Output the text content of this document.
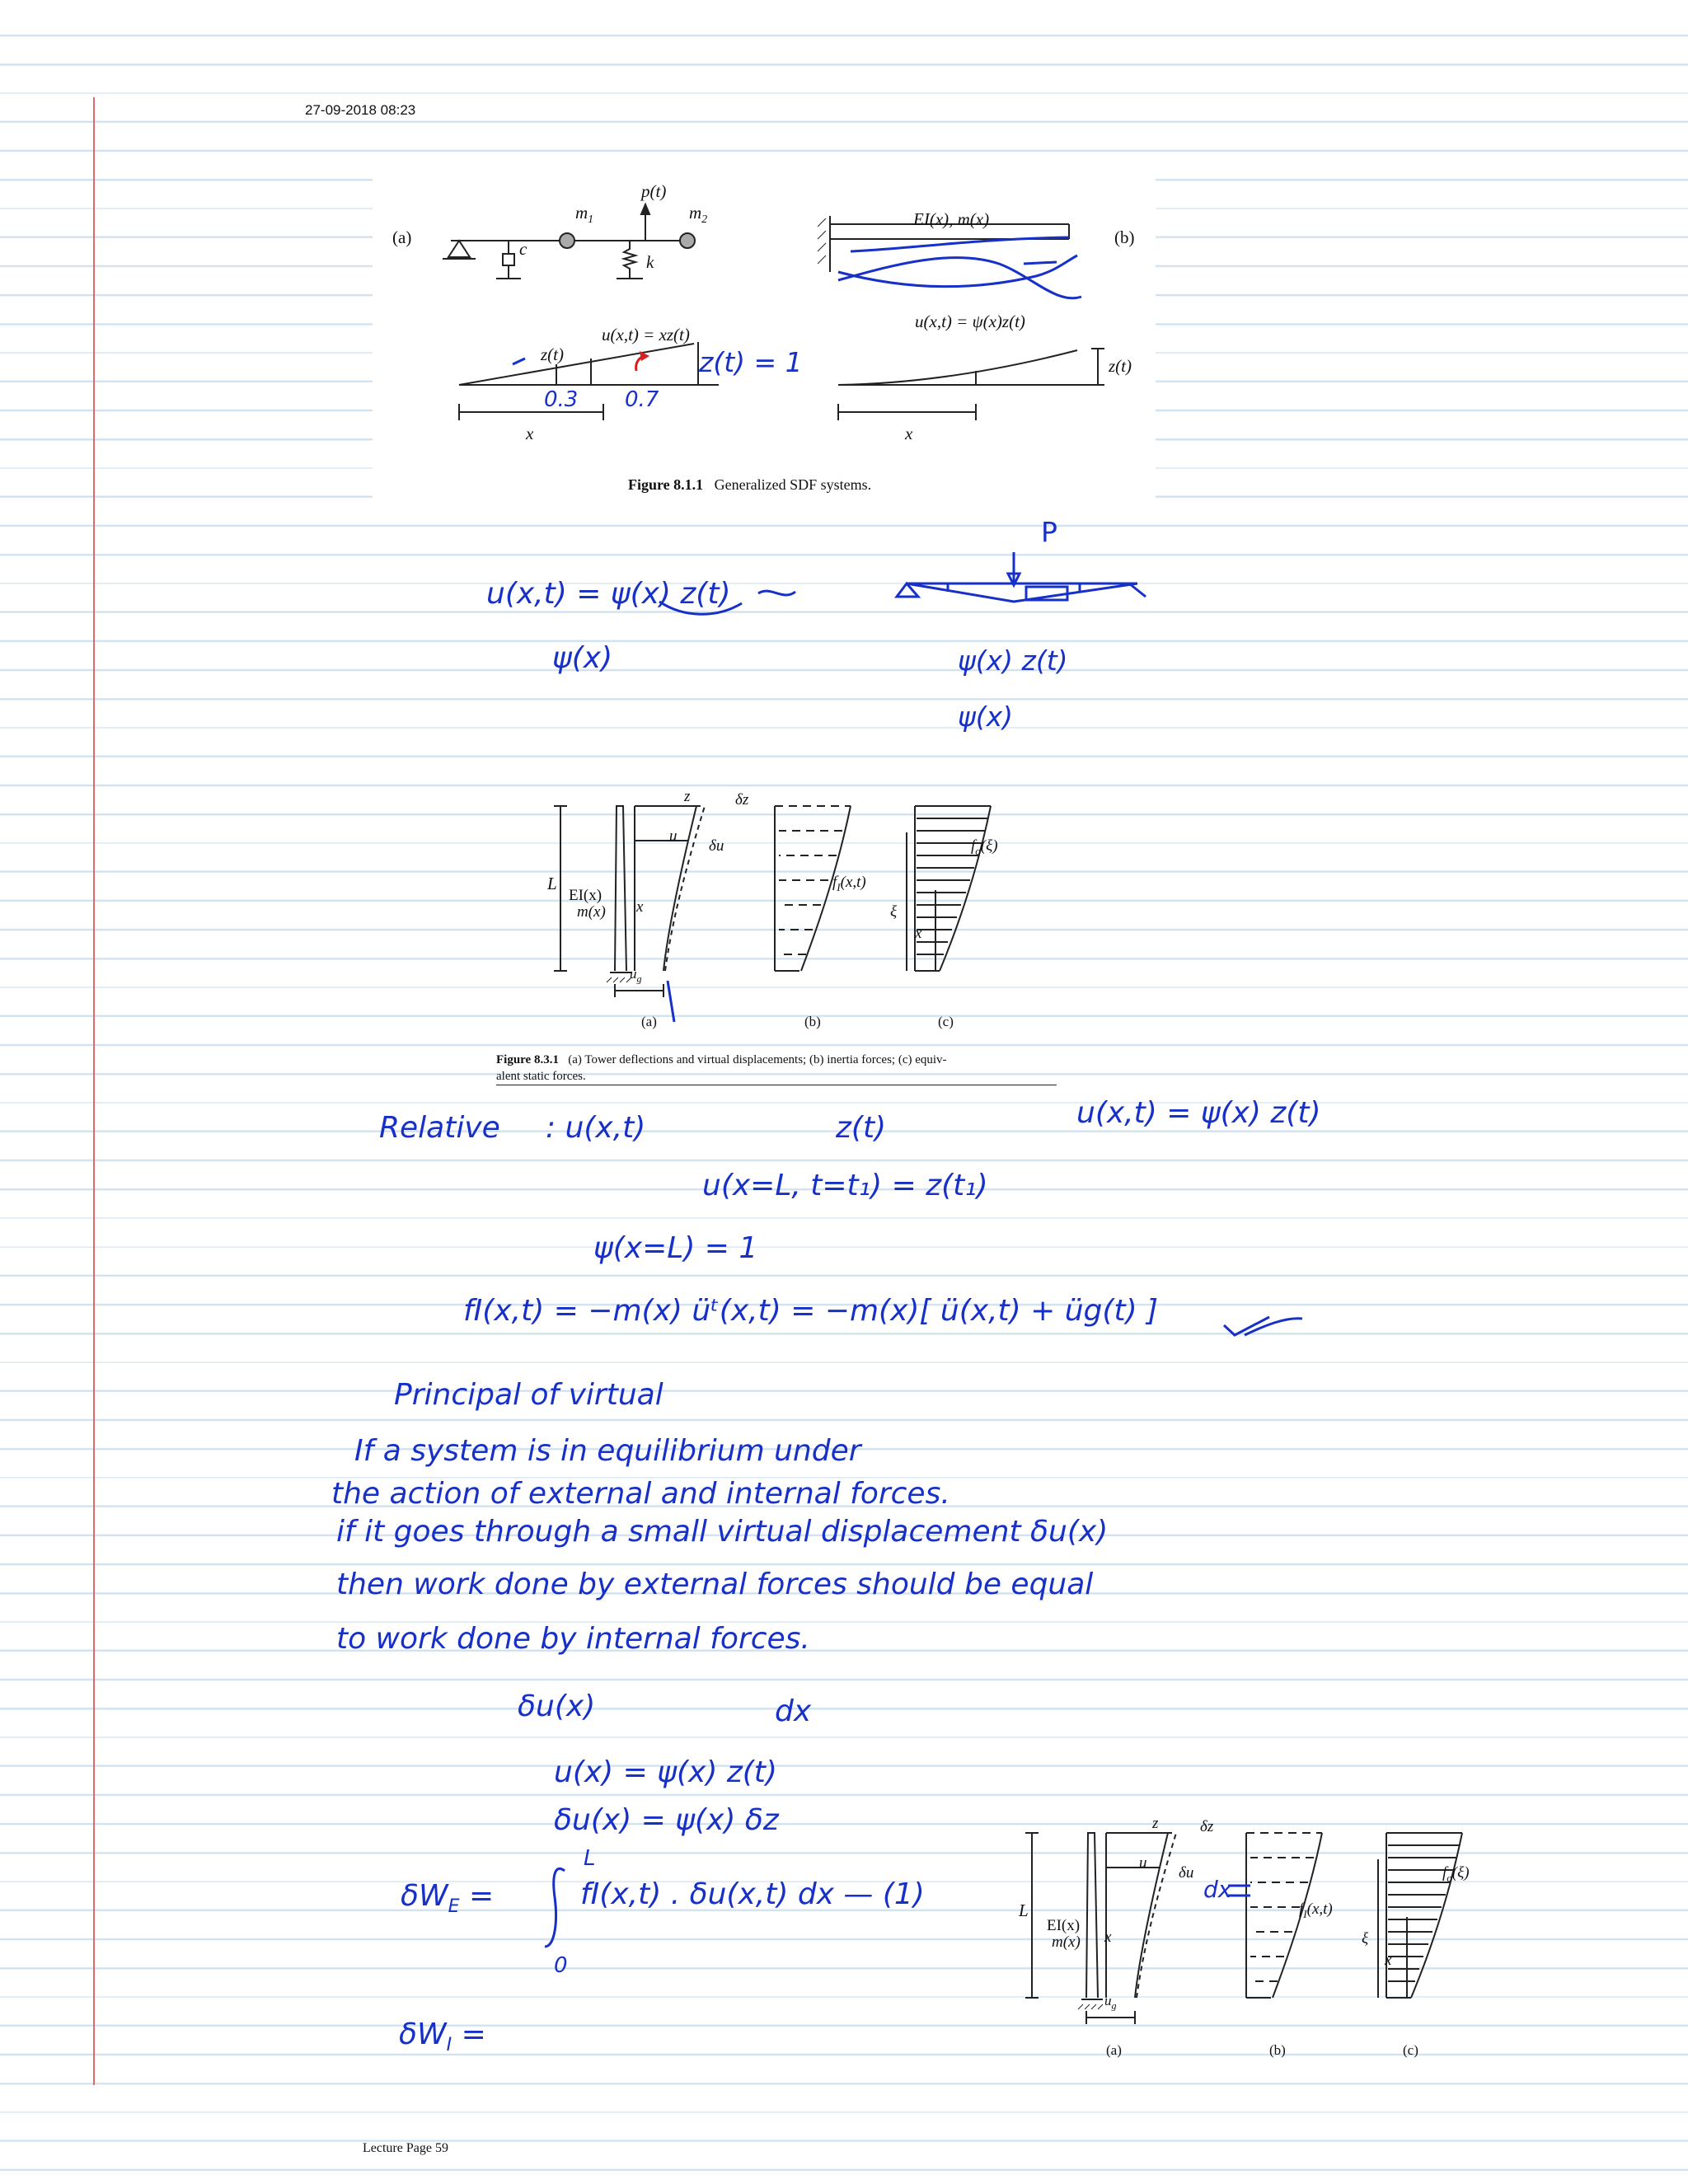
27-09-2018 08:23
(a)	(b)
p(t)
$m_1$	$m_2$
c
k
EI(x), m(x)
u(x,t) = xz(t)
z(t)
u(x,t) = ψ(x)z(t)
z(t)
x	x
z(t) = 1
0.3 0.7
Figure 8.1.1 Generalized SDF systems.
u(x,t) = ψ(x) z(t)
ψ(x)
P
ψ(x) z(t)
ψ(x)
L
EI(x)
m(x) x
z	δz
u
δu
$u_g$
$f_I(x,t)$
$f_o(\xi)$
ξ
x
(a)	(b)	(c)
Figure 8.3.1 (a) Tower deflections and virtual displacements; (b) inertia forces; (c) equiv-
alent static forces.
Relative : u(x,t)	z(t)	u(x,t) = ψ(x) z(t)
u(x=L, t=t₁) = z(t₁)
ψ(x=L) = 1
fI(x,t) = −m(x) üᵗ(x,t) = −m(x)[ ü(x,t) + üg(t) ]
Principal of virtual
If a system is in equilibrium under
the action of external and internal forces.
if it goes through a small virtual displacement δu(x)
then work done by external forces should be equal
to work done by internal forces.
δu(x)	dx
u(x) = ψ(x) z(t)
δu(x) = ψ(x) δz
$\delta W_E$ =
L
0
fI(x,t) . δu(x,t) dx — (1)
$\delta W_I$ =
L
EI(x)
m(x) x
z	δz
u
δu
$u_g$
dx
$f_I(x,t)$
$f_o(\xi)$
ξ
x
(a)	(b)	(c)
Lecture Page 59
